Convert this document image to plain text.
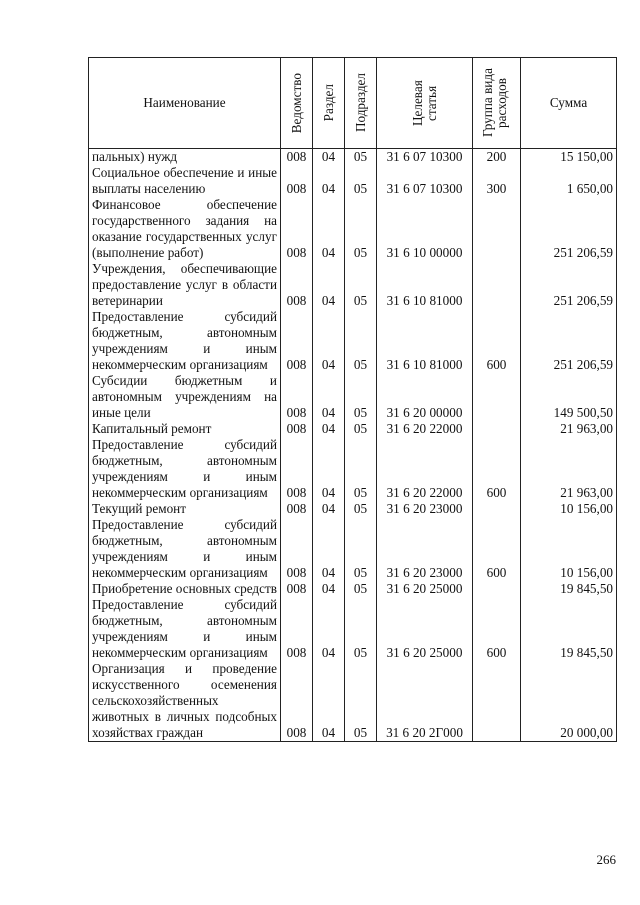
Наименование	Ведомство	Раздел	Подраздел	Целевая статья	Группа вида расходов	Сумма

пальных) нужд	008	04	05	31 6 07 10300	200	15 150,00
Социальное обеспечение и иные выплаты населению	008	04	05	31 6 07 10300	300	1 650,00
Финансовое обеспечение государственного задания на оказание государственных услуг (выполнение работ)	008	04	05	31 6 10 00000		251 206,59
Учреждения, обеспечивающие предоставление услуг в области ветеринарии	008	04	05	31 6 10 81000		251 206,59
Предоставление субсидий бюджетным, автономным учреждениям и иным некоммерческим организациям	008	04	05	31 6 10 81000	600	251 206,59
Субсидии бюджетным и автономным учреждениям на иные цели	008	04	05	31 6 20 00000		149 500,50
Капитальный ремонт	008	04	05	31 6 20 22000		21 963,00
Предоставление субсидий бюджетным, автономным учреждениям и иным некоммерческим организациям	008	04	05	31 6 20 22000	600	21 963,00
Текущий ремонт	008	04	05	31 6 20 23000		10 156,00
Предоставление субсидий бюджетным, автономным учреждениям и иным некоммерческим организациям	008	04	05	31 6 20 23000	600	10 156,00
Приобретение основных средств	008	04	05	31 6 20 25000		19 845,50
Предоставление субсидий бюджетным, автономным учреждениям и иным некоммерческим организациям	008	04	05	31 6 20 25000	600	19 845,50
Организация и проведение искусственного осеменения сельскохозяйственных животных в личных подсобных хозяйствах граждан	008	04	05	31 6 20 2Г000		20 000,00
266
